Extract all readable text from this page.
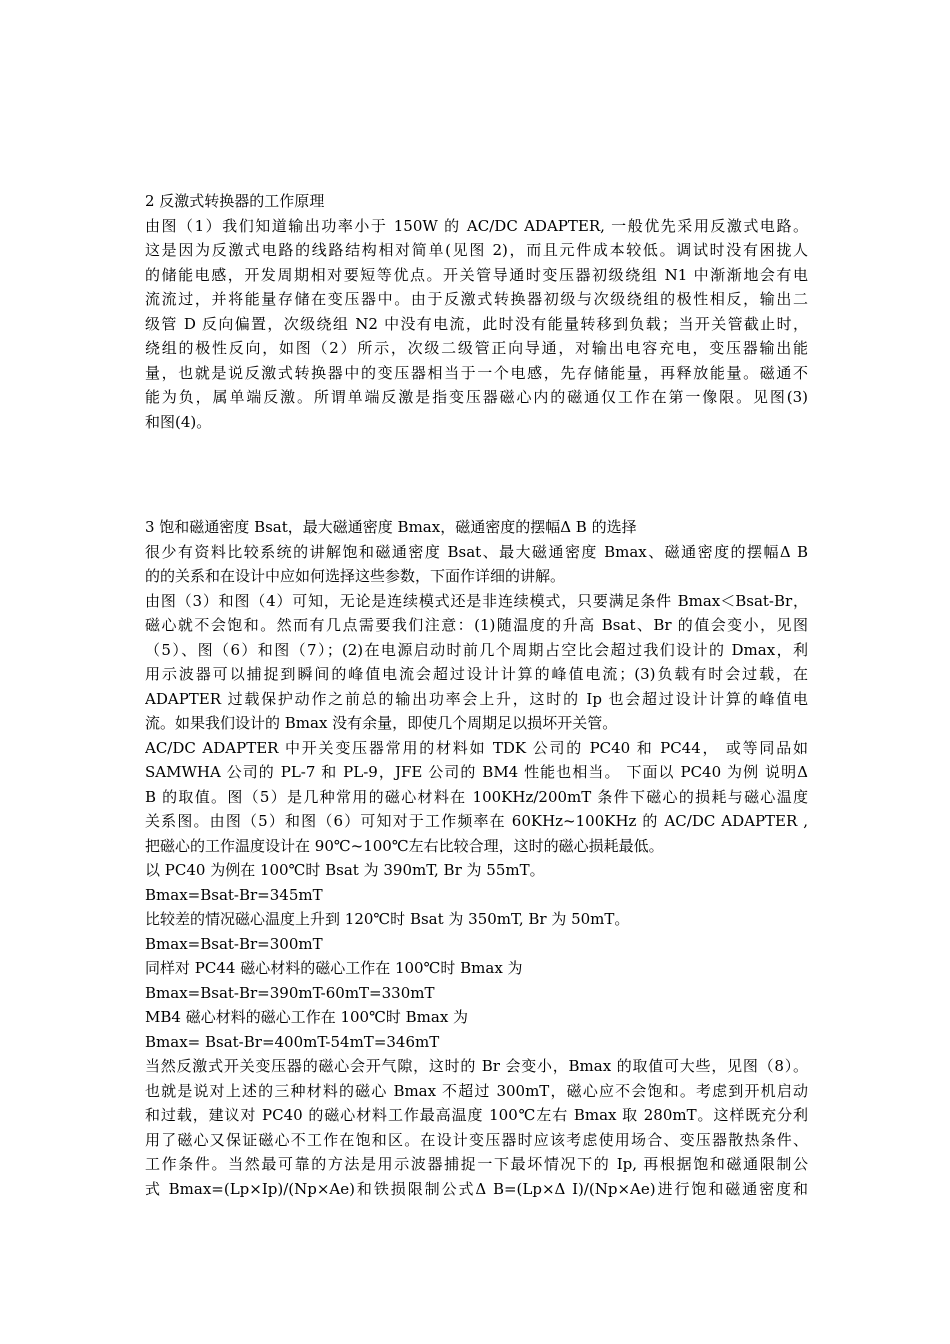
2 反激式转换器的工作原理
由图（1）我们知道输出功率小于 150W 的 AC/DC ADAPTER, 一般优先采用反激式电路。
这是因为反激式电路的线路结构相对简单(见图 2)，而且元件成本较低。调试时没有困拢人
的储能电感，开发周期相对要短等优点。开关管导通时变压器初级绕组 N1 中渐渐地会有电
流流过，并将能量存储在变压器中。由于反激式转换器初级与次级绕组的极性相反，输出二
级管 D 反向偏置，次级绕组 N2 中没有电流，此时没有能量转移到负载；当开关管截止时，
绕组的极性反向，如图（2）所示，次级二级管正向导通，对输出电容充电，变压器输出能
量，也就是说反激式转换器中的变压器相当于一个电感，先存储能量，再释放能量。磁通不
能为负，属单端反激。所谓单端反激是指变压器磁心内的磁通仅工作在第一像限。见图(3)
和图(4)。
3 饱和磁通密度 Bsat，最大磁通密度 Bmax，磁通密度的摆幅Δ B 的选择
很少有资料比较系统的讲解饱和磁通密度 Bsat、最大磁通密度 Bmax、磁通密度的摆幅Δ B
的的关系和在设计中应如何选择这些参数，下面作详细的讲解。
由图（3）和图（4）可知，无论是连续模式还是非连续模式，只要满足条件 Bmax＜Bsat-Br，
磁心就不会饱和。然而有几点需要我们注意：(1)随温度的升高 Bsat、Br 的值会变小，见图
（5）、图（6）和图（7）；(2)在电源启动时前几个周期占空比会超过我们设计的 Dmax，利
用示波器可以捕捉到瞬间的峰值电流会超过设计计算的峰值电流；(3)负载有时会过载，在
ADAPTER 过载保护动作之前总的输出功率会上升，这时的 Ip 也会超过设计计算的峰值电
流。如果我们设计的 Bmax 没有余量，即使几个周期足以损坏开关管。
AC/DC ADAPTER 中开关变压器常用的材料如 TDK 公司的 PC40 和 PC44， 或等同品如
SAMWHA 公司的 PL-7 和 PL-9，JFE 公司的 BM4 性能也相当。 下面以 PC40 为例 说明Δ
B 的取值。图（5）是几种常用的磁心材料在 100KHz/200mT 条件下磁心的损耗与磁心温度
关系图。由图（5）和图（6）可知对于工作频率在 60KHz~100KHz 的 AC/DC ADAPTER ,
把磁心的工作温度设计在 90℃~100℃左右比较合理，这时的磁心损耗最低。
以 PC40 为例在 100℃时 Bsat 为 390mT, Br 为 55mT。
Bmax=Bsat-Br=345mT
比较差的情况磁心温度上升到 120℃时 Bsat 为 350mT, Br 为 50mT。
Bmax=Bsat-Br=300mT
同样对 PC44 磁心材料的磁心工作在 100℃时 Bmax 为
Bmax=Bsat-Br=390mT-60mT=330mT
MB4 磁心材料的磁心工作在 100℃时 Bmax 为
Bmax= Bsat-Br=400mT-54mT=346mT
当然反激式开关变压器的磁心会开气隙，这时的 Br 会变小，Bmax 的取值可大些，见图（8）。
也就是说对上述的三种材料的磁心 Bmax 不超过 300mT，磁心应不会饱和。考虑到开机启动
和过载，建议对 PC40 的磁心材料工作最高温度 100℃左右 Bmax 取 280mT。这样既充分利
用了磁心又保证磁心不工作在饱和区。在设计变压器时应该考虑使用场合、变压器散热条件、
工作条件。当然最可靠的方法是用示波器捕捉一下最坏情况下的 Ip, 再根据饱和磁通限制公
式 Bmax=(Lp×Ip)/(Np×Ae)和铁损限制公式Δ B=(Lp×Δ I)/(Np×Ae)进行饱和磁通密度和
